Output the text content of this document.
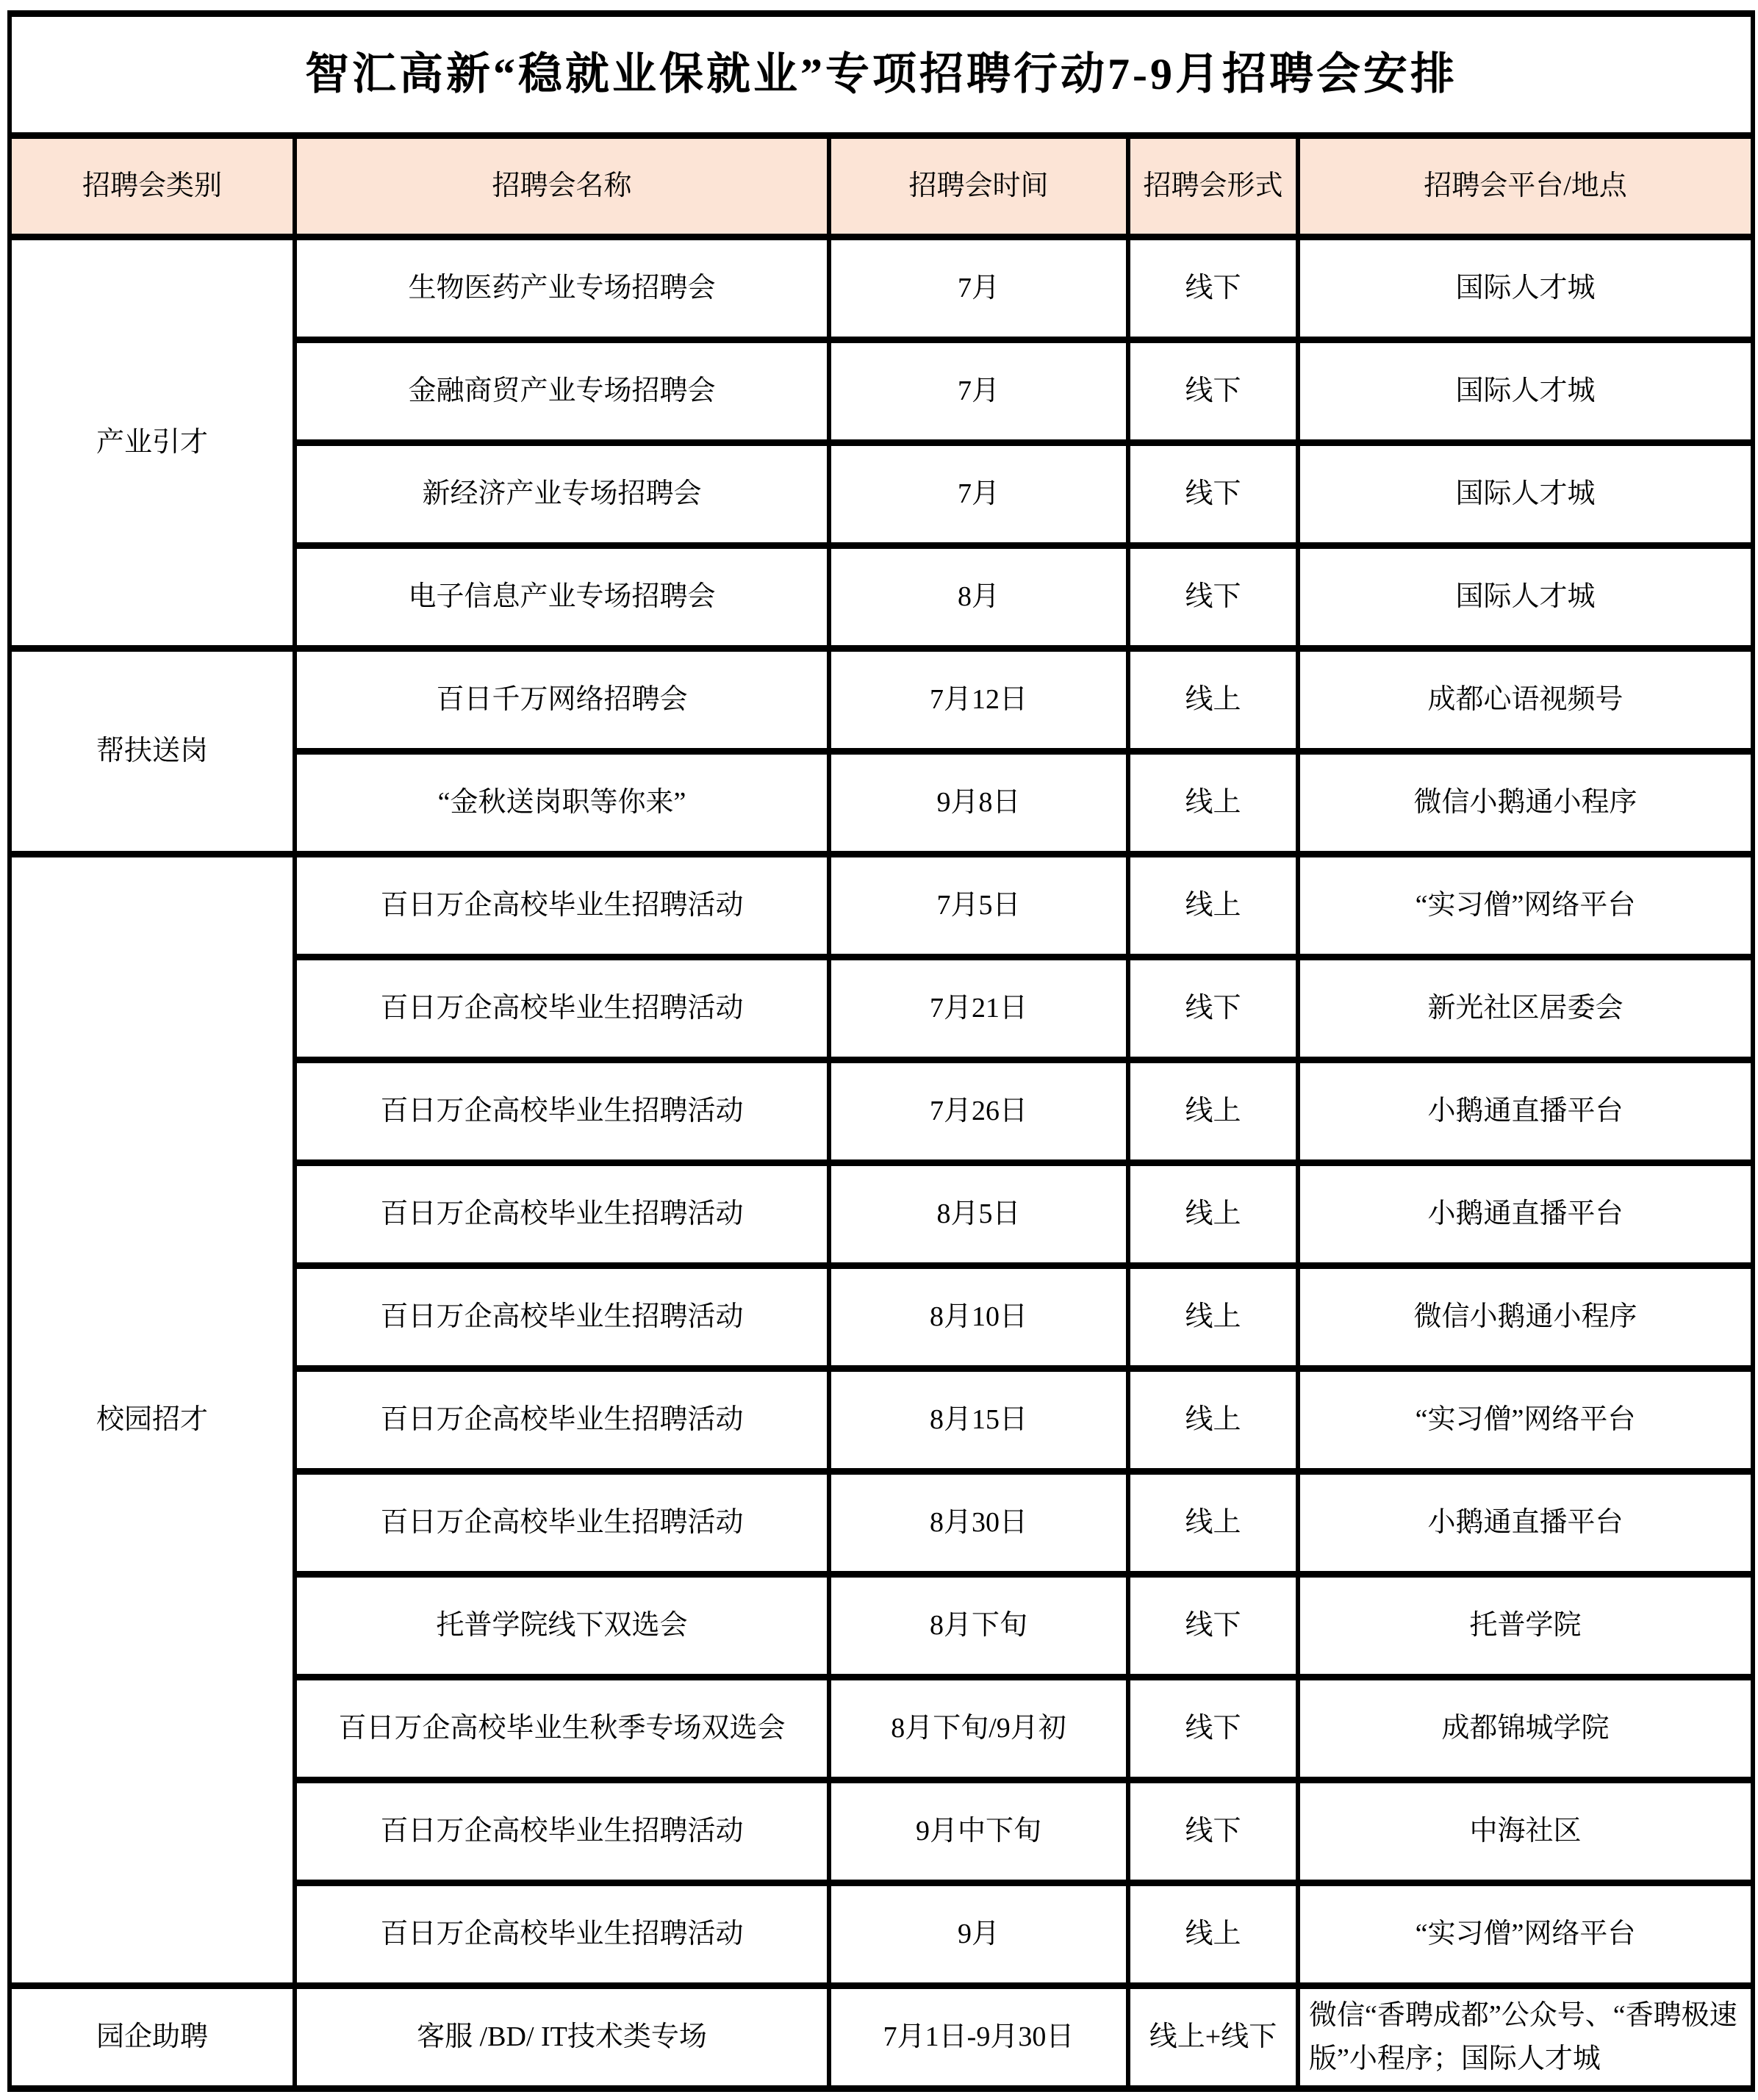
智汇高新“稳就业保就业”专项招聘行动7-9月招聘会安排				
招聘会类别	招聘会名称	招聘会时间	招聘会形式	招聘会平台/地点
产业引才	生物医药产业专场招聘会	7月	线下	国际人才城
	金融商贸产业专场招聘会	7月	线下	国际人才城
	新经济产业专场招聘会	7月	线下	国际人才城
	电子信息产业专场招聘会	8月	线下	国际人才城
帮扶送岗	百日千万网络招聘会	7月12日	线上	成都心语视频号
	“金秋送岗职等你来”	9月8日	线上	微信小鹅通小程序
校园招才	百日万企高校毕业生招聘活动	7月5日	线上	“实习僧”网络平台
	百日万企高校毕业生招聘活动	7月21日	线下	新光社区居委会
	百日万企高校毕业生招聘活动	7月26日	线上	小鹅通直播平台
	百日万企高校毕业生招聘活动	8月5日	线上	小鹅通直播平台
	百日万企高校毕业生招聘活动	8月10日	线上	微信小鹅通小程序
	百日万企高校毕业生招聘活动	8月15日	线上	“实习僧”网络平台
	百日万企高校毕业生招聘活动	8月30日	线上	小鹅通直播平台
	托普学院线下双选会	8月下旬	线下	托普学院
	百日万企高校毕业生秋季专场双选会	8月下旬/9月初	线下	成都锦城学院
	百日万企高校毕业生招聘活动	9月中下旬	线下	中海社区
	百日万企高校毕业生招聘活动	9月	线上	“实习僧”网络平台
园企助聘	客服 /BD/ IT技术类专场	7月1日-9月30日	线上+线下	微信“香聘成都”公众号、“香聘极速版”小程序；国际人才城
